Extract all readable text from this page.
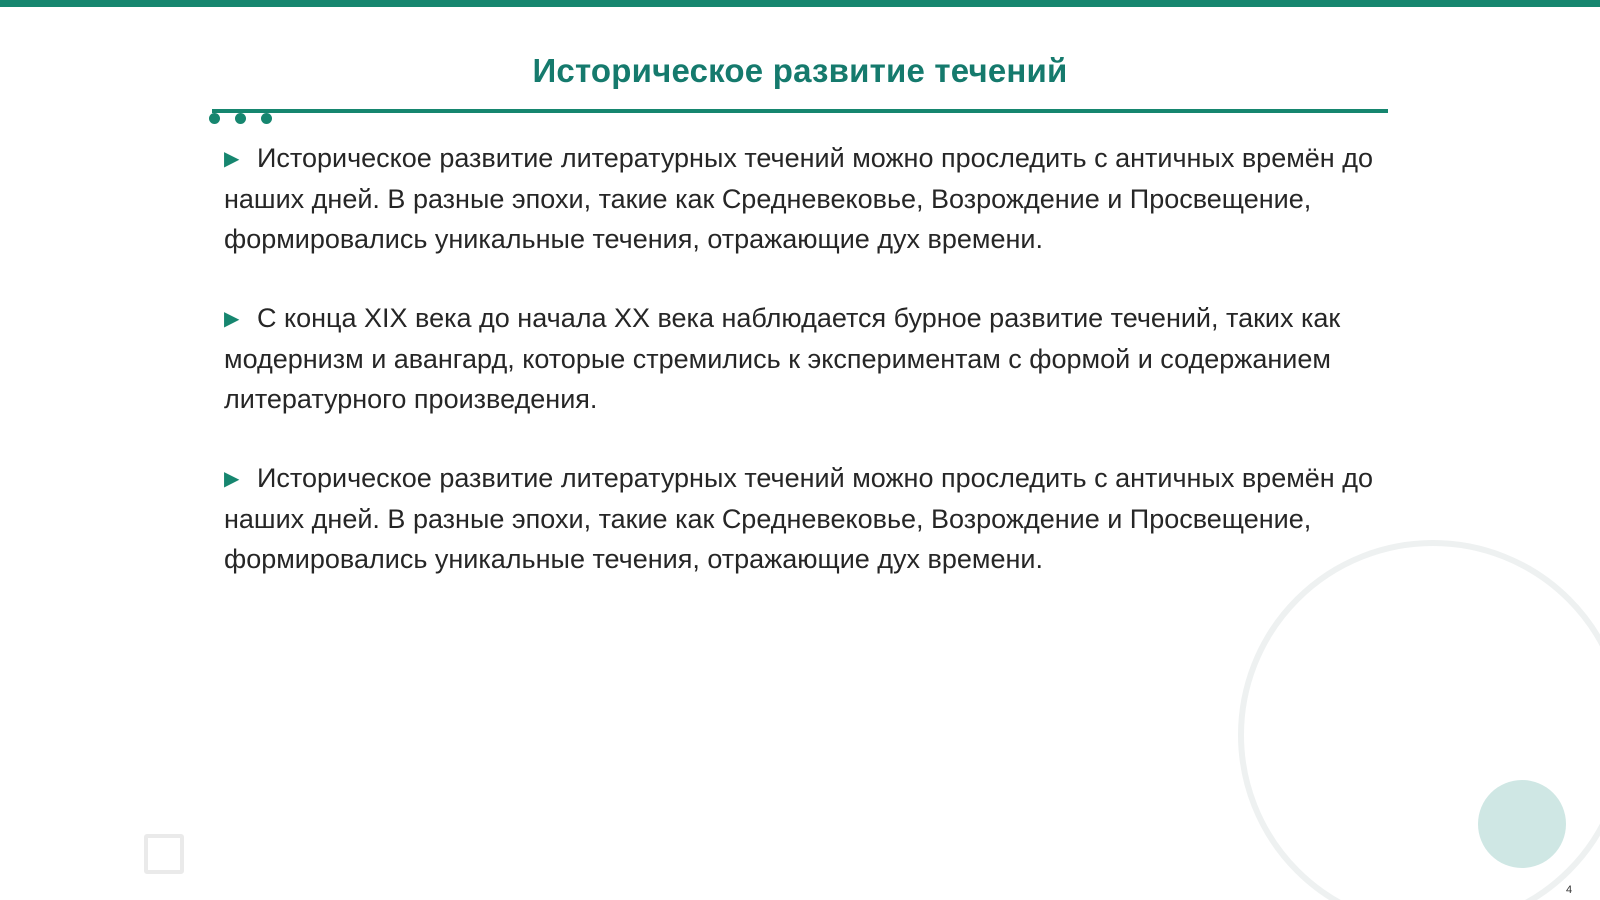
Историческое развитие течений

▶ Историческое развитие литературных течений можно проследить с античных времён до наших дней. В разные эпохи, такие как Средневековье, Возрождение и Просвещение, формировались уникальные течения, отражающие дух времени.

▶ С конца XIX века до начала XX века наблюдается бурное развитие течений, таких как модернизм и авангард, которые стремились к экспериментам с формой и содержанием литературного произведения.

▶ Историческое развитие литературных течений можно проследить с античных времён до наших дней. В разные эпохи, такие как Средневековье, Возрождение и Просвещение, формировались уникальные течения, отражающие дух времени.

4
